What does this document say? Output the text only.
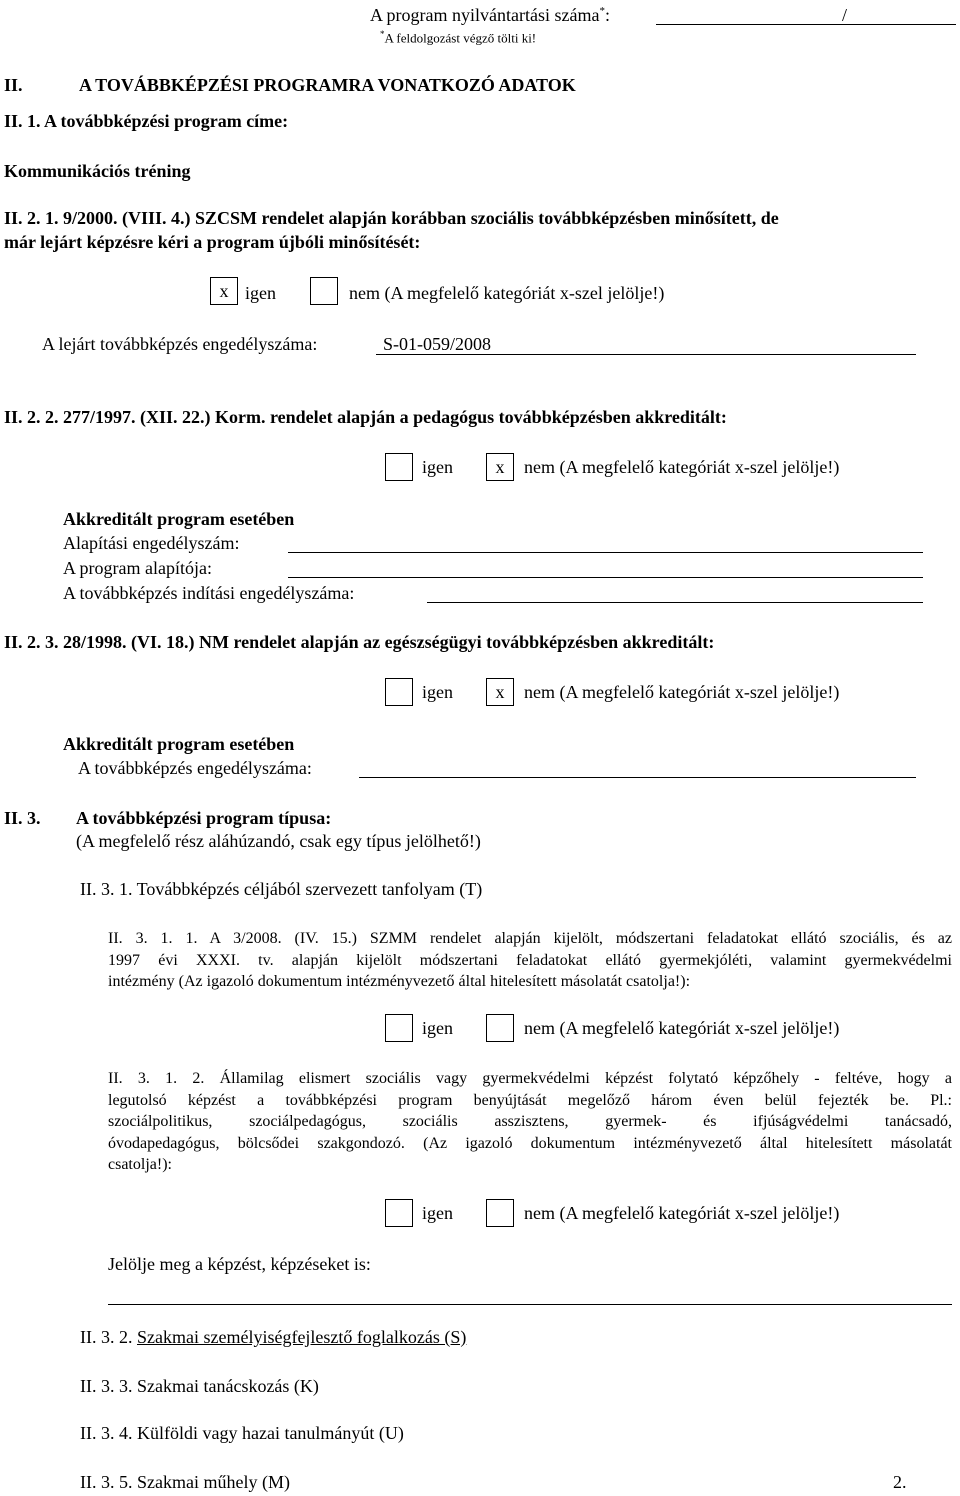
A program nyilvántartási száma*:	/
*A feldolgozást végző tölti ki!
II.	A TOVÁBBKÉPZÉSI PROGRAMRA VONATKOZÓ ADATOK
II. 1. A továbbképzési program címe:
Kommunikációs tréning
II. 2. 1. 9/2000. (VIII. 4.) SZCSM rendelet alapján korábban szociális továbbképzésben minősített, de
már lejárt képzésre kéri a program újbóli minősítését:
x igen	nem (A megfelelő kategóriát x-szel jelölje!)
A lejárt továbbképzés engedélyszáma:	S-01-059/2008
II. 2. 2. 277/1997. (XII. 22.) Korm. rendelet alapján a pedagógus továbbképzésben akkreditált:
igen	x	nem (A megfelelő kategóriát x-szel jelölje!)
Akkreditált program esetében
Alapítási engedélyszám:
A program alapítója:
A továbbképzés indítási engedélyszáma:
II. 2. 3. 28/1998. (VI. 18.) NM rendelet alapján az egészségügyi továbbképzésben akkreditált:
igen	x	nem (A megfelelő kategóriát x-szel jelölje!)
Akkreditált program esetében
A továbbképzés engedélyszáma:
II. 3. A továbbképzési program típusa:
(A megfelelő rész aláhúzandó, csak egy típus jelölhető!)
II. 3. 1. Továbbképzés céljából szervezett tanfolyam (T)
II. 3. 1. 1. A 3/2008. (IV. 15.) SZMM rendelet alapján kijelölt, módszertani feladatokat ellátó szociális, és az
1997 évi XXXI. tv. alapján kijelölt módszertani feladatokat ellátó gyermekjóléti, valamint gyermekvédelmi
intézmény (Az igazoló dokumentum intézményvezető által hitelesített másolatát csatolja!):
igen	nem (A megfelelő kategóriát x-szel jelölje!)
II. 3. 1. 2. Államilag elismert szociális vagy gyermekvédelmi képzést folytató képzőhely - feltéve, hogy a
legutolsó képzést a továbbképzési program benyújtását megelőző három éven belül fejezték be. Pl.:
szociálpolitikus, szociálpedagógus, szociális asszisztens, gyermek- és ifjúságvédelmi tanácsadó,
óvodapedagógus, bölcsődei szakgondozó. (Az igazoló dokumentum intézményvezető által hitelesített másolatát
csatolja!):
igen	nem (A megfelelő kategóriát x-szel jelölje!)
Jelölje meg a képzést, képzéseket is:
II. 3. 2. Szakmai személyiségfejlesztő foglalkozás (S)
II. 3. 3. Szakmai tanácskozás (K)
II. 3. 4. Külföldi vagy hazai tanulmányút (U)
II. 3. 5. Szakmai műhely (M)	2.
